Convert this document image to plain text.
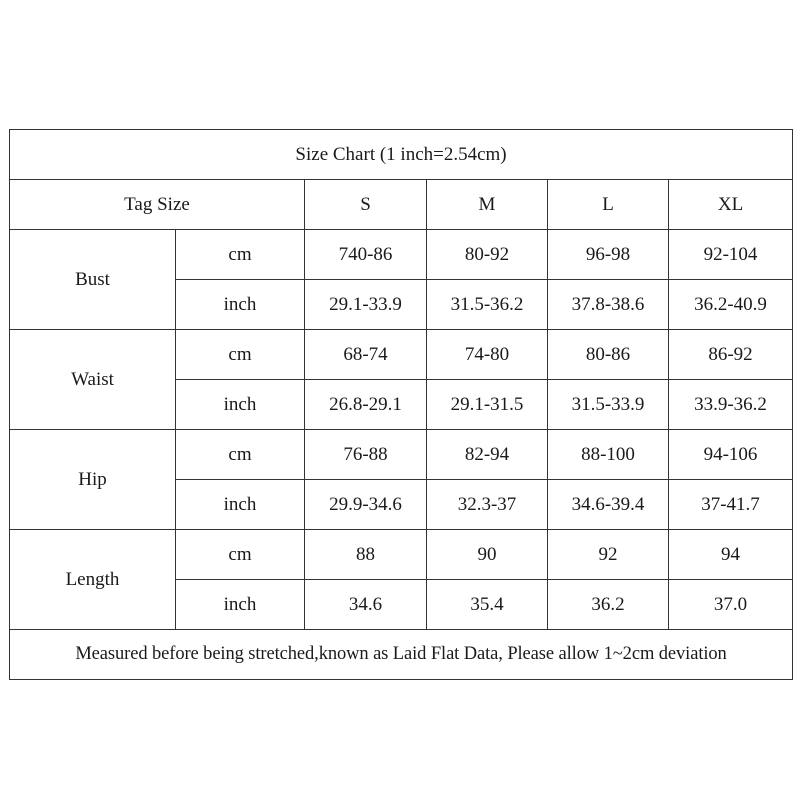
Size Chart (1 inch=2.54cm)					
Tag Size		S	M	L	XL
Bust	cm	740-86	80-92	96-98	92-104
	inch	29.1-33.9	31.5-36.2	37.8-38.6	36.2-40.9
Waist	cm	68-74	74-80	80-86	86-92
	inch	26.8-29.1	29.1-31.5	31.5-33.9	33.9-36.2
Hip	cm	76-88	82-94	88-100	94-106
	inch	29.9-34.6	32.3-37	34.6-39.4	37-41.7
Length	cm	88	90	92	94
	inch	34.6	35.4	36.2	37.0
Measured before being stretched,known as Laid Flat Data, Please allow 1~2cm deviation					
